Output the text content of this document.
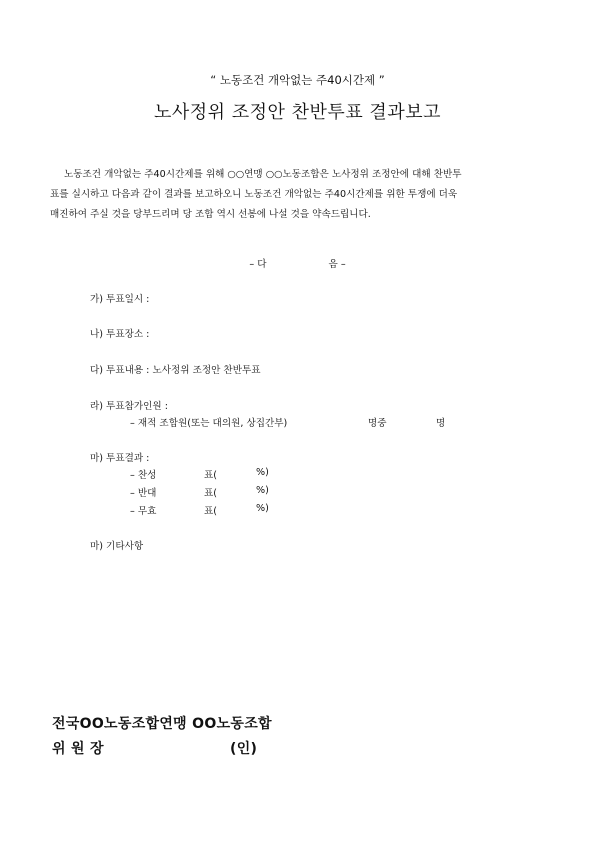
“ 노동조건 개악없는 주40시간제 ”
노사정위 조정안 찬반투표 결과보고
노동조건 개악없는 주40시간제를 위해 ○○연맹 ○○노동조합은 노사정위 조정안에 대해 찬반투
표를 실시하고 다음과 같이 결과를 보고하오니 노동조건 개악없는 주40시간제를 위한 투쟁에 더욱
매진하여 주실 것을 당부드리며 당 조합 역시 선봉에 나설 것을 약속드립니다.
– 다	음 –
가) 투표일시 :
나) 투표장소 :
다) 투표내용 : 노사정위 조정안 찬반투표
라) 투표참가인원 :
– 재적 조합원(또는 대의원, 상집간부)	명중	명
마) 투표결과 :
– 찬성	표(	%)
– 반대	표(	%)
– 무효	표(	%)
마) 기타사항
전국OO노동조합연맹 OO노동조합
위 원 장	(인)
